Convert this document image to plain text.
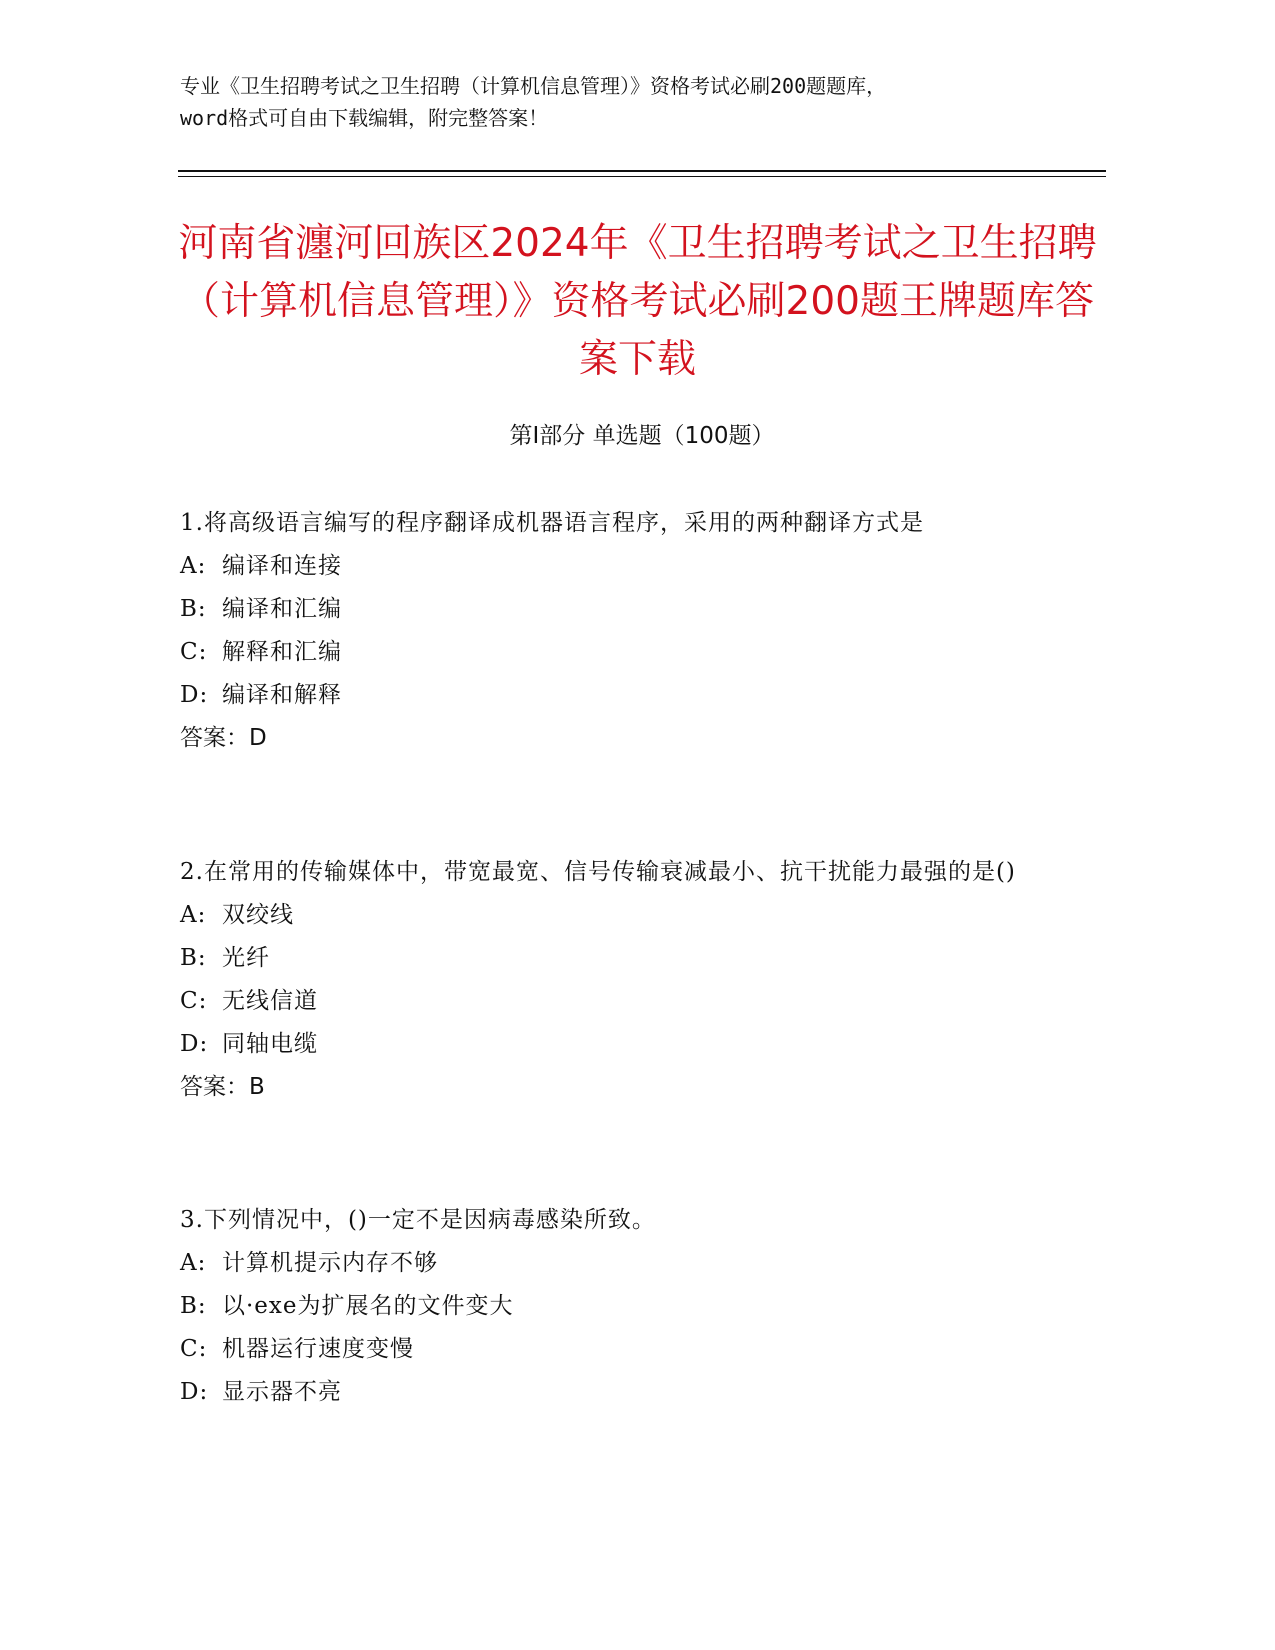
专业《卫生招聘考试之卫生招聘（计算机信息管理）》资格考试必刷200题题库，
word格式可自由下载编辑，附完整答案！
河南省瀍河回族区2024年《卫生招聘考试之卫生招聘（计算机信息管理）》资格考试必刷200题王牌题库答案下载
第Ⅰ部分 单选题（100题）
1.将高级语言编写的程序翻译成机器语言程序，采用的两种翻译方式是
A: 编译和连接
B: 编译和汇编
C: 解释和汇编
D: 编译和解释
答案：D
2.在常用的传输媒体中，带宽最宽、信号传输衰减最小、抗干扰能力最强的是()
A: 双绞线
B: 光纤
C: 无线信道
D: 同轴电缆
答案：B
3.下列情况中，()一定不是因病毒感染所致。
A: 计算机提示内存不够
B: 以·exe为扩展名的文件变大
C: 机器运行速度变慢
D: 显示器不亮
